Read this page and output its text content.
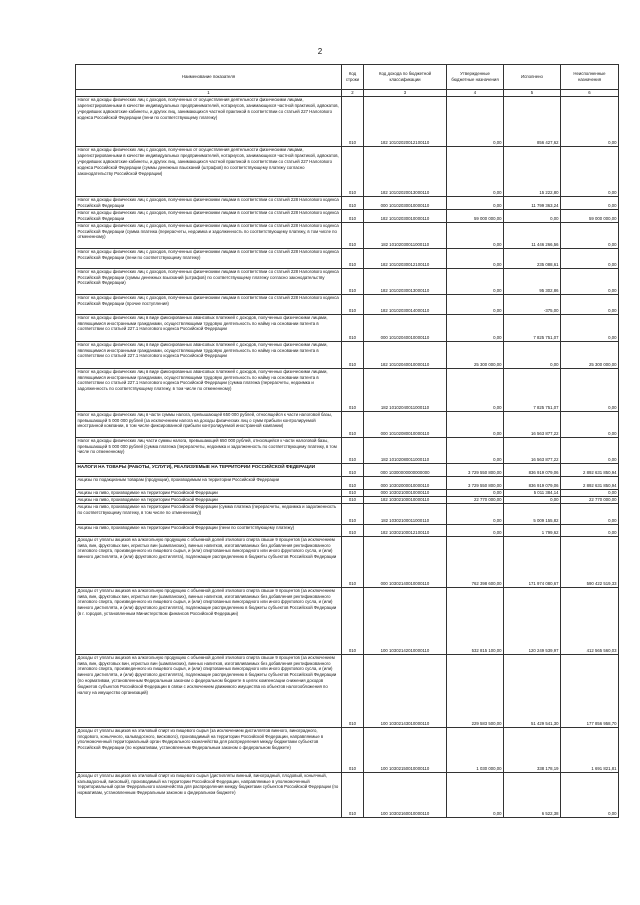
2
Наименование показателя	Код строки	Код дохода по бюджетной классификации	Утвержденные бюджетные назначения	Исполнено	Неисполненные назначения
1	2	3	4	5	6

Налог на доходы физических лиц с доходов, полученных от осуществления деятельности физическими лицами, зарегистрированными в качестве индивидуальных предпринимателей, нотариусов, занимающихся частной практикой, адвокатов, учредивших адвокатские кабинеты, и других лиц, занимающихся частной практикой в соответствии со статьей 227 Налогового кодекса Российской Федерации (пени по соответствующему платежу)	010	182 10102020012100110	0,00	856 427,62	0,00

Налог на доходы физических лиц с доходов, полученных от осуществления деятельности физическими лицами, зарегистрированными в качестве индивидуальных предпринимателей, нотариусов, занимающихся частной практикой, адвокатов, учредивших адвокатские кабинеты, и других лиц, занимающихся частной практикой в соответствии со статьей 227 Налогового кодекса Российской Федерации (суммы денежных взысканий (штрафов) по соответствующему платежу согласно законодательству Российской Федерации)	010	182 10102020013000110	0,00	15 222,80	0,00

Налог на доходы физических лиц с доходов, полученных физическими лицами в соответствии со статьей 228 Налогового кодекса Российской Федерации	010	000 10102030010000110	0,00	11 799 363,24	0,00

Налог на доходы физических лиц с доходов, полученных физическими лицами в соответствии со статьей 228 Налогового кодекса Российской Федерации	010	182 10102030010000110	59 000 000,00	0,00	59 000 000,00

Налог на доходы физических лиц с доходов, полученных физическими лицами в соответствии со статьей 228 Налогового кодекса Российской Федерации (сумма платежа (перерасчеты, недоимка и задолженность по соответствующему платежу, в том числе по отмененному)	010	182 10102030011000110	0,00	11 446 266,56	0,00

Налог на доходы физических лиц с доходов, полученных физическими лицами в соответствии со статьей 228 Налогового кодекса Российской Федерации (пени по соответствующему платежу)	010	182 10102030012100110	0,00	235 088,61	0,00

Налог на доходы физических лиц с доходов, полученных физическими лицами в соответствии со статьей 228 Налогового кодекса Российской Федерации (суммы денежных взысканий (штрафов) по соответствующему платежу согласно законодательству Российской Федерации)	010	182 10102030013000110	0,00	95 302,86	0,00

Налог на доходы физических лиц с доходов, полученных физическими лицами в соответствии со статьей 228 Налогового кодекса Российской Федерации (прочие поступления)	010	182 10102030014000110	0,00	-375,00	0,00

Налог на доходы физических лиц в виде фиксированных авансовых платежей с доходов, полученных физическими лицами, являющимися иностранными гражданами, осуществляющими трудовую деятельность по найму на основании патента в соответствии со статьей 227.1 Налогового кодекса Российской Федерации	010	000 10102040010000110	0,00	7 825 751,07	0,00

Налог на доходы физических лиц в виде фиксированных авансовых платежей с доходов, полученных физическими лицами, являющимися иностранными гражданами, осуществляющими трудовую деятельность по найму на основании патента в соответствии со статьей 227.1 Налогового кодекса Российской Федерации	010	182 10102040010000110	25 300 000,00	0,00	25 300 000,00

Налог на доходы физических лиц в виде фиксированных авансовых платежей с доходов, полученных физическими лицами, являющимися иностранными гражданами, осуществляющими трудовую деятельность по найму на основании патента в соответствии со статьей 227.1 Налогового кодекса Российской Федерации (сумма платежа (перерасчеты, недоимка и задолженность по соответствующему платежу, в том числе по отмененному)	010	182 10102040011000110	0,00	7 825 751,07	0,00

Налог на доходы физических лиц в части суммы налога, превышающей 650 000 рублей, относящейся к части налоговой базы, превышающей 5 000 000 рублей (за исключением налога на доходы физических лиц о сумм прибыли контролируемой иностранной компании, в том числе фиксированной прибыли контролируемой иностранной компании)	010	000 10102080010000110	0,00	16 563 877,22	0,00

Налог на доходы физических лиц части суммы налога, превышающей 650 000 рублей, относящейся к части налоговой базы, превышающей 5 000 000 рублей (сумма платежа (перерасчеты, недоимка и задолженность по соответствующему платежу, в том числе по отмененному)	010	182 10102080011000110	0,00	16 563 877,22	0,00

НАЛОГИ НА ТОВАРЫ (РАБОТЫ, УСЛУГИ), РЕАЛИЗУЕМЫЕ НА ТЕРРИТОРИИ РОССИЙСКОЙ ФЕДЕРАЦИИ	010	000 10300000000000000	3 729 550 800,00	836 919 079,06	2 892 631 850,94

Акцизы по подакцизным товарам (продукции), производимым на территории Российской Федерации	010	000 10302000010000110	3 729 550 800,00	836 919 079,06	2 892 631 850,94

Акцизы на пиво, производимое на территории Российской Федерации	010	000 10302100010000110	0,00	5 011 384,14	0,00

Акцизы на пиво, производимое на территории Российской Федерации	010	182 10302100010000110	22 770 000,00	0,00	22 770 000,00

Акцизы на пиво, производимое на территории Российской Федерации (сумма платежа (перерасчеты, недоимка и задолженность по соответствующему платежу, в том числе по отмененному))	010	182 10302100011000110	0,00	5 009 155,82	0,00

Акцизы на пиво, производимое на территории Российской Федерации (пени по соответствующему платежу)	010	182 10302100012100110	0,00	1 799,62	0,00

Доходы от уплаты акцизов на алкогольную продукцию с объемной долей этилового спирта свыше 9 процентов (за исключением пива, вин, фруктовых вин, игристых вин (шампанских), винных напитков, изготавливаемых без добавления ректификованного этилового спирта, произведенного из пищевого сырья, и (или) спиртованных виноградного или иного фруктового сусла, и (или) винного дистиллята, и (или) фруктового дистиллята), подлежащие распределению в бюджеты субъектов Российской Федерации	010	000 10302140010000110	762 398 600,00	171 974 080,67	590 422 519,33

Доходы от уплаты акцизов на алкогольную продукцию с объемной долей этилового спирта свыше 9 процентов (за исключением пива, вин, фруктовых вин, игристых вин (шампанских), винных напитков, изготавливаемых без добавления ректификованного этилового спирта, произведенного из пищевого сырья, и (или) спиртованных виноградного или иного фруктового сусла, и (или) винного дистиллята, и (или) фруктового дистиллята), подлежащие распределению в бюджеты субъектов Российской Федерации (в г. городов, установленным Министерством финансов Российской Федерации)	010	100 10302142010000110	532 815 100,00	120 249 539,97	412 565 560,03

Доходы от уплаты акцизов на алкогольную продукцию с объемной долей этилового спирта свыше 9 процентов (за исключением пива, вин, фруктовых вин, игристых вин (шампанских), винных напитков, изготавливаемых без добавления ректификованного этилового спирта, произведенного из пищевого сырья, и (или) спиртованных виноградного или иного фруктового сусла, и (или) винного дистиллята, и (или) фруктового дистиллята), подлежащие распределению в бюджеты субъектов Российской Федерации (по нормативам, установленным Федеральным законом о федеральном бюджете в целях компенсации снижения доходов бюджетов субъектов Российской Федерации в связи с исключением движимого имущества из объектов налогообложения по налогу на имущество организаций)	010	100 10302143010000110	229 583 500,00	51 429 541,30	177 856 958,70

Доходы от уплаты акцизов на этиловый спирт из пищевого сырья (за исключением дистиллятов винного, виноградного, плодового, коньячного, кальвадосного, вискового), производимый на территории Российской Федерации, направляемые в уполномоченный территориальный орган Федерального казначейства для распределения между бюджетами субъектов Российской Федерации (по нормативам, установленным Федеральным законом о федеральном бюджете)	010	100 10302150010000110	1 030 000,00	338 178,19	1 691 821,81

Доходы от уплаты акцизов на этиловый спирт из пищевого сырья (дистилляты винный, виноградный, плодовый, коньячный, кальвадосный, висковый), производимый на территории Российской Федерации, направляемые в уполномоченный территориальный орган Федерального казначейства для распределения между бюджетами субъектов Российской Федерации (по нормативам, установленным Федеральным законом о федеральном бюджете)	010	100 10302160010000110	0,00	6 522,38	0,00
